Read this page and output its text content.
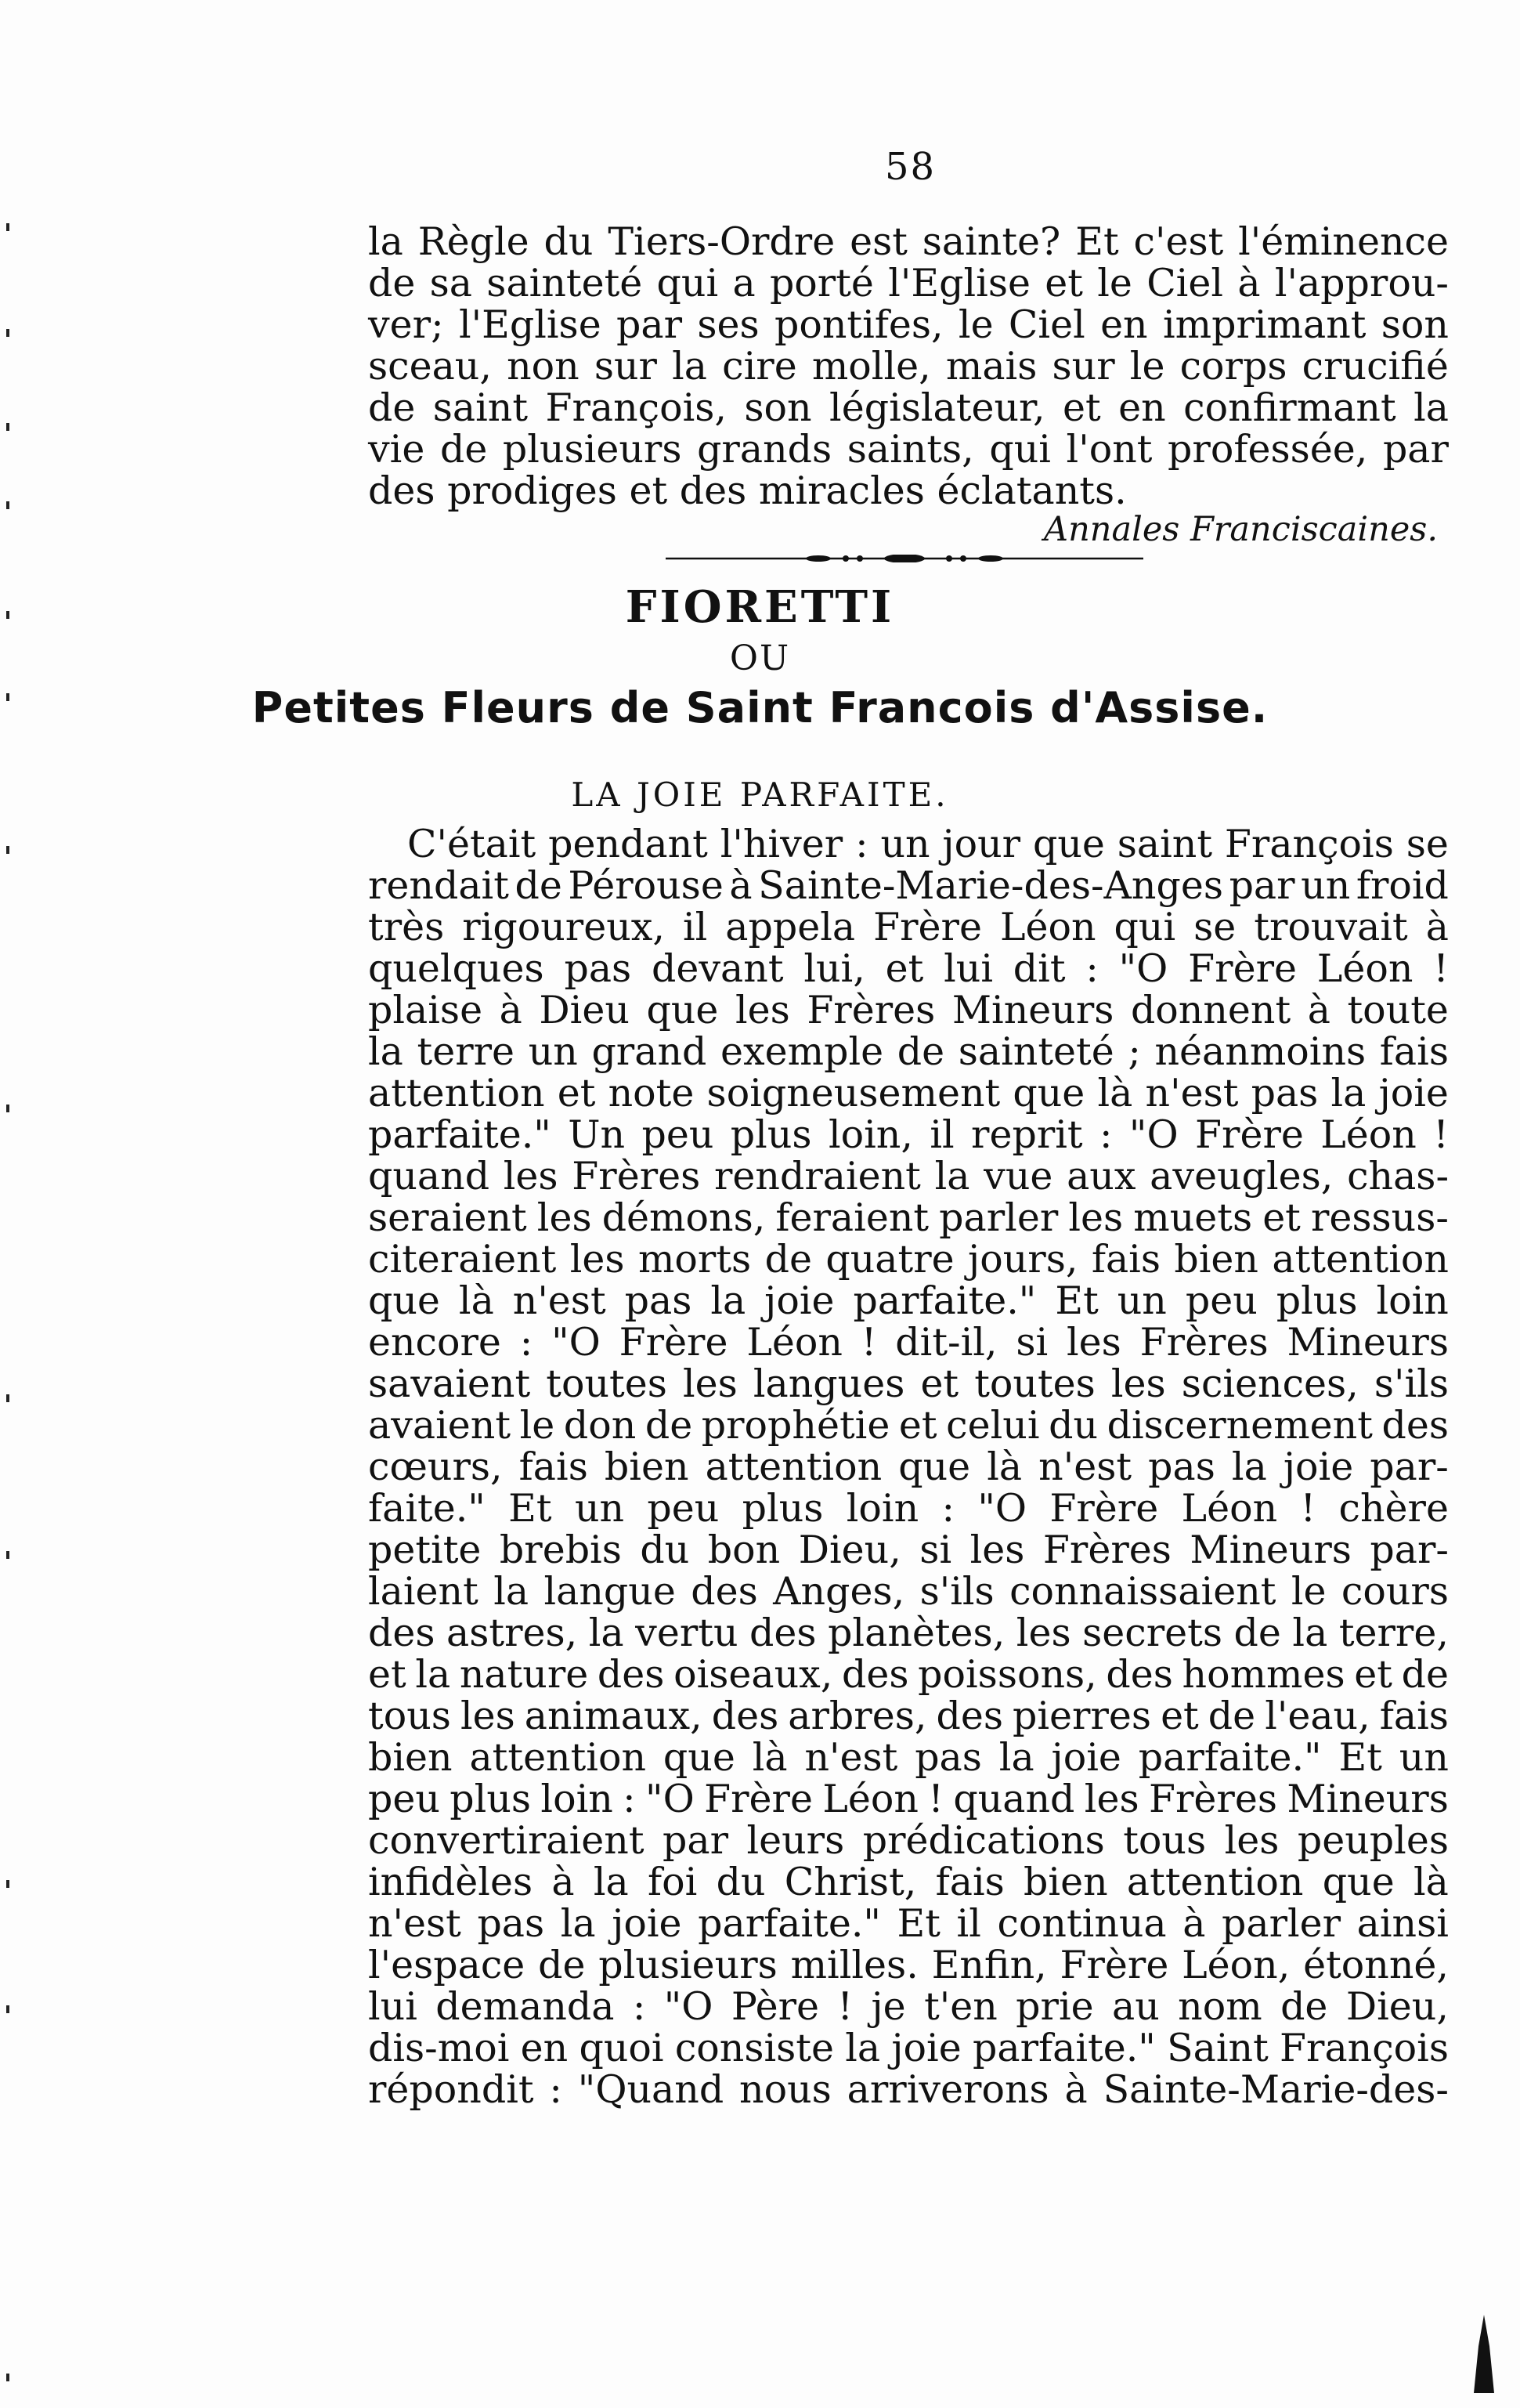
58
la Règle du Tiers-Ordre est sainte? Et c'est l'éminence
de sa sainteté qui a porté l'Eglise et le Ciel à l'approu-
ver; l'Eglise par ses pontifes, le Ciel en imprimant son
sceau, non sur la cire molle, mais sur le corps crucifié
de saint François, son législateur, et en confirmant la
vie de plusieurs grands saints, qui l'ont professée, par
des prodiges et des miracles éclatants.
Annales Franciscaines.
FIORETTI
OU
Petites Fleurs de Saint Francois d'Assise.
LA JOIE PARFAITE.
C'était pendant l'hiver : un jour que saint François se
rendait de Pérouse à Sainte-Marie-des-Anges par un froid
très rigoureux, il appela Frère Léon qui se trouvait à
quelques pas devant lui, et lui dit : "O Frère Léon !
plaise à Dieu que les Frères Mineurs donnent à toute
la terre un grand exemple de sainteté ; néanmoins fais
attention et note soigneusement que là n'est pas la joie
parfaite." Un peu plus loin, il reprit : "O Frère Léon !
quand les Frères rendraient la vue aux aveugles, chas-
seraient les démons, feraient parler les muets et ressus-
citeraient les morts de quatre jours, fais bien attention
que là n'est pas la joie parfaite." Et un peu plus loin
encore : "O Frère Léon ! dit-il, si les Frères Mineurs
savaient toutes les langues et toutes les sciences, s'ils
avaient le don de prophétie et celui du discernement des
cœurs, fais bien attention que là n'est pas la joie par-
faite." Et un peu plus loin : "O Frère Léon ! chère
petite brebis du bon Dieu, si les Frères Mineurs par-
laient la langue des Anges, s'ils connaissaient le cours
des astres, la vertu des planètes, les secrets de la terre,
et la nature des oiseaux, des poissons, des hommes et de
tous les animaux, des arbres, des pierres et de l'eau, fais
bien attention que là n'est pas la joie parfaite." Et un
peu plus loin : "O Frère Léon ! quand les Frères Mineurs
convertiraient par leurs prédications tous les peuples
infidèles à la foi du Christ, fais bien attention que là
n'est pas la joie parfaite." Et il continua à parler ainsi
l'espace de plusieurs milles. Enfin, Frère Léon, étonné,
lui demanda : "O Père ! je t'en prie au nom de Dieu,
dis-moi en quoi consiste la joie parfaite." Saint François
répondit : "Quand nous arriverons à Sainte-Marie-des-
